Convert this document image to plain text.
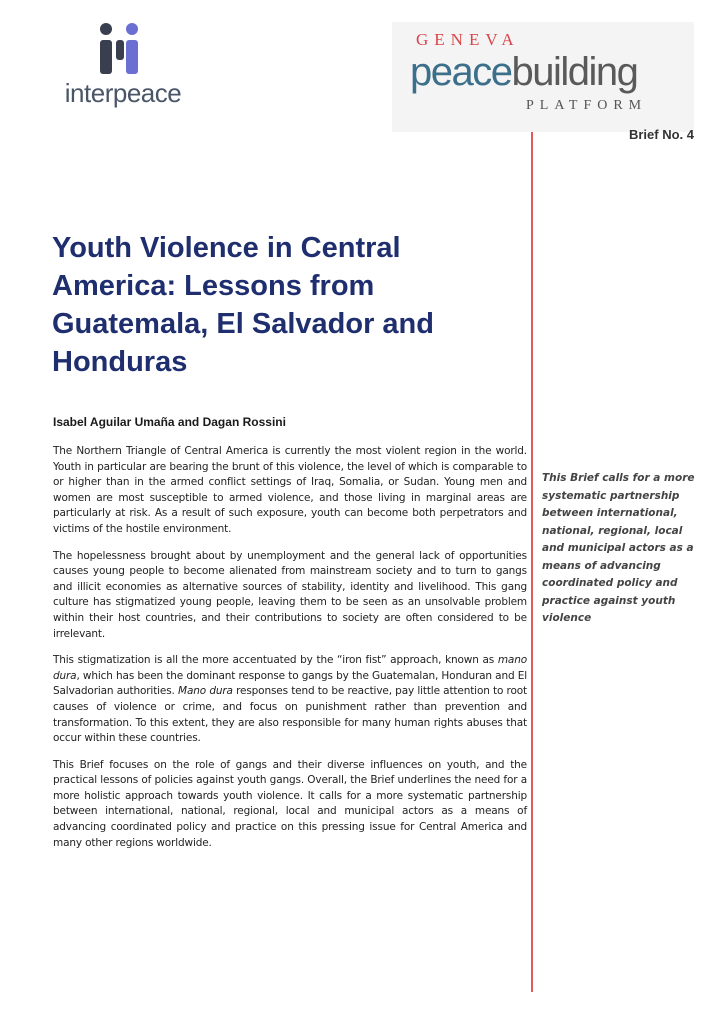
interpeace
GENEVA
peacebuilding
PLATFORM
Brief No. 4
Youth Violence in Central America: Lessons from Guatemala, El Salvador and Honduras
Isabel Aguilar Umaña and Dagan Rossini

The Northern Triangle of Central America is currently the most violent region in the world. Youth in particular are bearing the brunt of this violence, the level of which is comparable to or higher than in the armed conflict settings of Iraq, Somalia, or Sudan. Young men and women are most susceptible to armed violence, and those living in marginal areas are particularly at risk. As a result of such exposure, youth can become both perpetrators and victims of the hostile environment.

The hopelessness brought about by unemployment and the general lack of opportunities causes young people to become alienated from mainstream society and to turn to gangs and illicit economies as alternative sources of stability, identity and livelihood. This gang culture has stigmatized young people, leaving them to be seen as an unsolvable problem within their host countries, and their contributions to society are often considered to be irrelevant.

This stigmatization is all the more accentuated by the “iron fist” approach, known as mano dura, which has been the dominant response to gangs by the Guatemalan, Honduran and El Salvadorian authorities. Mano dura responses tend to be reactive, pay little attention to root causes of violence or crime, and focus on punishment rather than prevention and transformation. To this extent, they are also responsible for many human rights abuses that occur within these countries.

This Brief focuses on the role of gangs and their diverse influences on youth, and the practical lessons of policies against youth gangs. Overall, the Brief underlines the need for a more holistic approach towards youth violence. It calls for a more systematic partnership between international, national, regional, local and municipal actors as a means of advancing coordinated policy and practice on this pressing issue for Central America and many other regions worldwide.

This Brief calls for a more systematic partnership between international, national, regional, local and municipal actors as a means of advancing coordinated policy and practice against youth violence
